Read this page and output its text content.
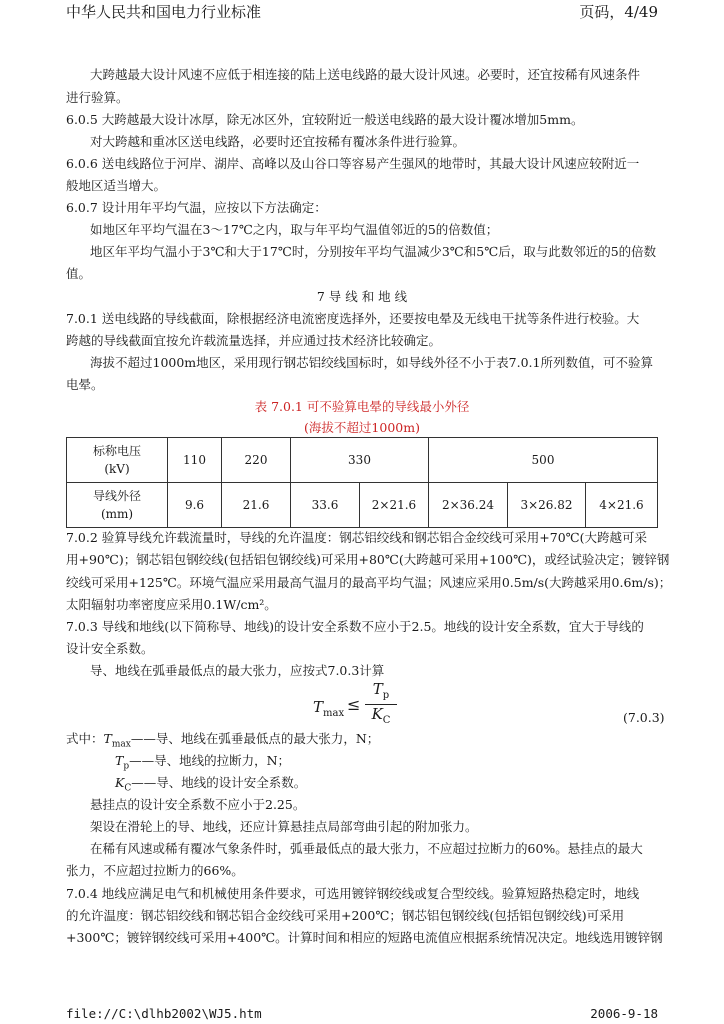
中华人民共和国电力行业标准	页码，4/49
大跨越最大设计风速不应低于相连接的陆上送电线路的最大设计风速。必要时，还宜按稀有风速条件
进行验算。
6.0.5 大跨越最大设计冰厚，除无冰区外，宜较附近一般送电线路的最大设计覆冰增加5mm。
对大跨越和重冰区送电线路，必要时还宜按稀有覆冰条件进行验算。
6.0.6 送电线路位于河岸、湖岸、高峰以及山谷口等容易产生强风的地带时，其最大设计风速应较附近一
般地区适当增大。
6.0.7 设计用年平均气温，应按以下方法确定：
如地区年平均气温在3～17℃之内，取与年平均气温值邻近的5的倍数值；
地区年平均气温小于3℃和大于17℃时，分别按年平均气温减少3℃和5℃后，取与此数邻近的5的倍数
值。
7 导 线 和 地 线
7.0.1 送电线路的导线截面，除根据经济电流密度选择外，还要按电晕及无线电干扰等条件进行校验。大
跨越的导线截面宜按允许载流量选择，并应通过技术经济比较确定。
海拔不超过1000m地区，采用现行钢芯铝绞线国标时，如导线外径不小于表7.0.1所列数值，可不验算
电晕。
表 7.0.1 可不验算电晕的导线最小外径
(海拔不超过1000m)
标称电压
(kV)	110	220	330		500		
导线外径
(mm)	9.6	21.6	33.6	2×21.6	2×36.24	3×26.82	4×21.6
7.0.2 验算导线允许载流量时，导线的允许温度：钢芯铝绞线和钢芯铝合金绞线可采用+70℃(大跨越可采
用+90℃)；钢芯铝包钢绞线(包括铝包钢绞线)可采用+80℃(大跨越可采用+100℃)，或经试验决定；镀锌钢
绞线可采用+125℃。环境气温应采用最高气温月的最高平均气温；风速应采用0.5m/s(大跨越采用0.6m/s)；
太阳辐射功率密度应采用0.1W/cm²。
7.0.3 导线和地线(以下简称导、地线)的设计安全系数不应小于2.5。地线的设计安全系数，宜大于导线的
设计安全系数。
导、地线在弧垂最低点的最大张力，应按式7.0.3计算
$T_{max}$ ≤
$T_p$
$K_C$	(7.0.3)
式中：$T_{max}——$导、地线在弧垂最低点的最大张力，N；
$T_p——$导、地线的拉断力，N；
$K_C——$导、地线的设计安全系数。
悬挂点的设计安全系数不应小于2.25。
架设在滑轮上的导、地线，还应计算悬挂点局部弯曲引起的附加张力。
在稀有风速或稀有覆冰气象条件时，弧垂最低点的最大张力，不应超过拉断力的60%。悬挂点的最大
张力，不应超过拉断力的66%。
7.0.4 地线应满足电气和机械使用条件要求，可选用镀锌钢绞线或复合型绞线。验算短路热稳定时，地线
的允许温度：钢芯铝绞线和钢芯铝合金绞线可采用+200℃；钢芯铝包钢绞线(包括铝包钢绞线)可采用
+300℃；镀锌钢绞线可采用+400℃。计算时间和相应的短路电流值应根据系统情况决定。地线选用镀锌钢
file://C:\dlhb2002\WJ5.htm	2006-9-18
